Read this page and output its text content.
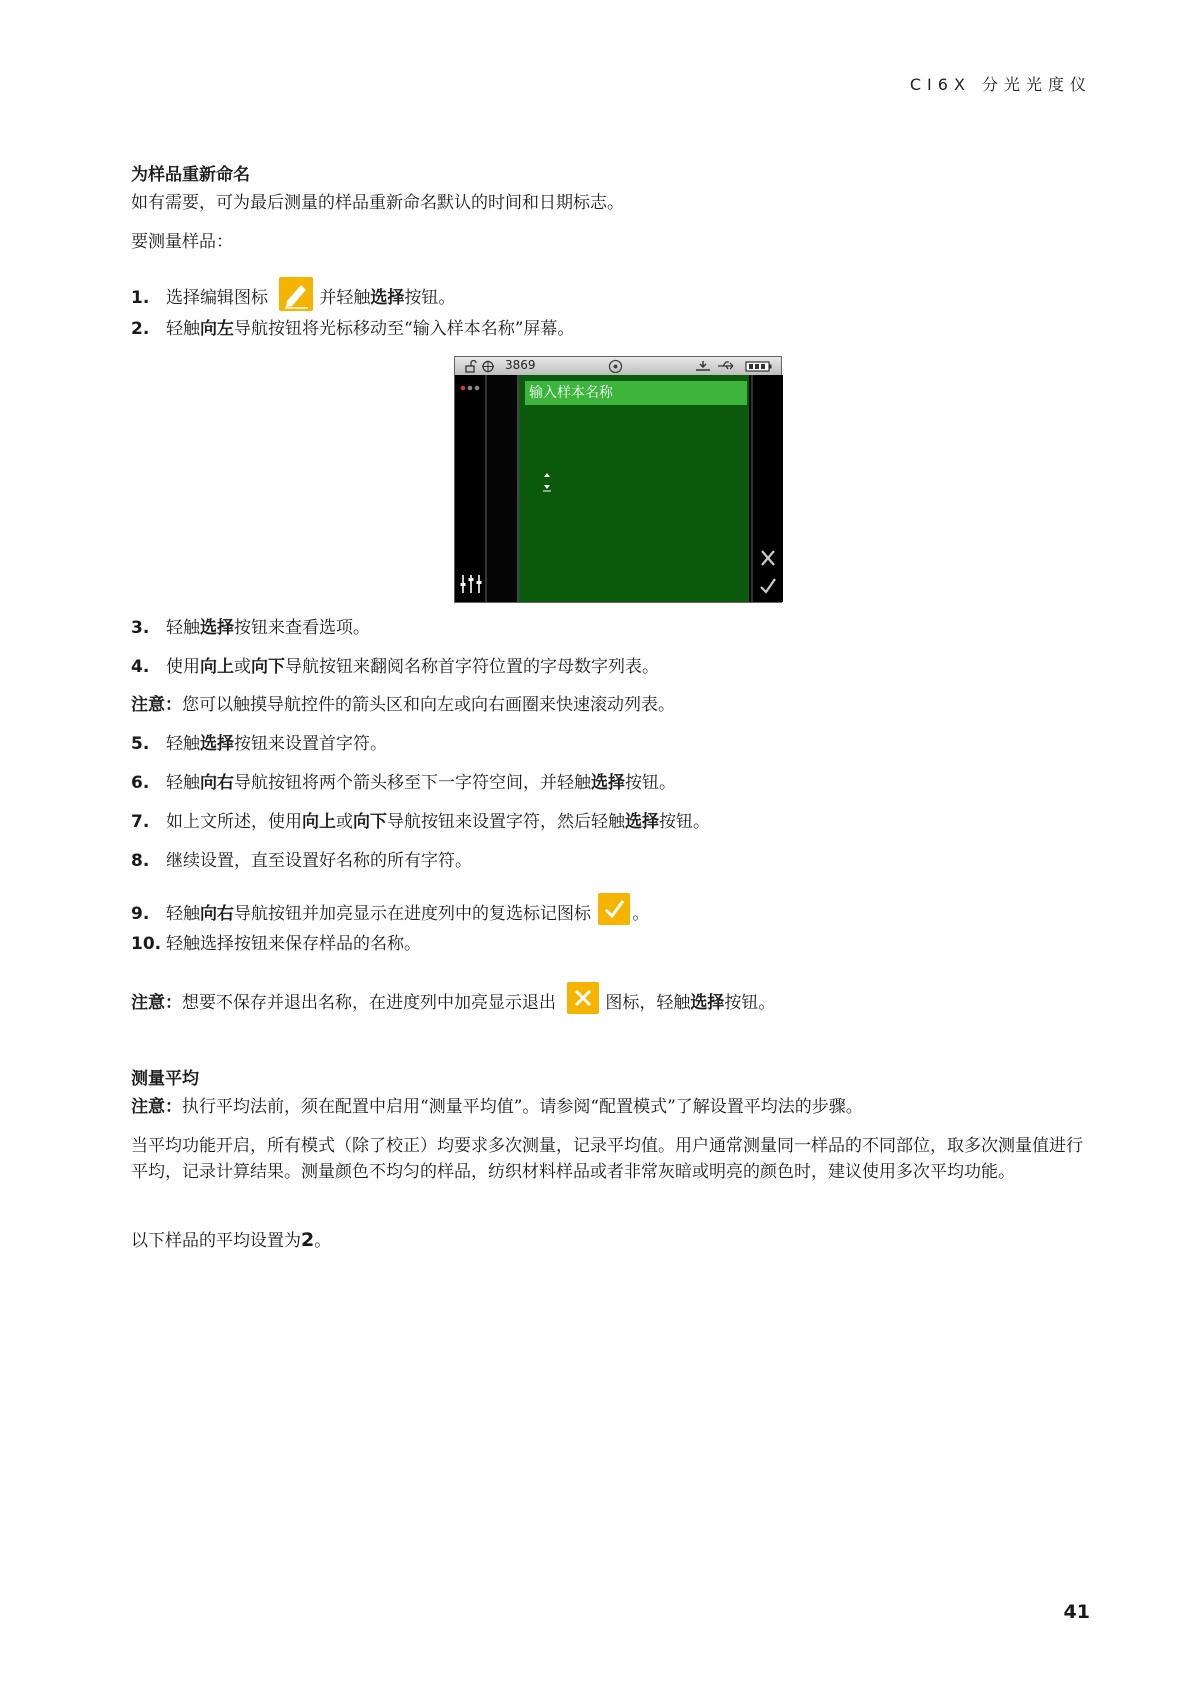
CI6X 分光光度仪
为样品重新命名
如有需要，可为最后测量的样品重新命名默认的时间和日期标志。
要测量样品：
1. 选择编辑图标	并轻触选择按钮。
2. 轻触向左导航按钮将光标移动至“输入样本名称”屏幕。
3869
输入样本名称
3. 轻触选择按钮来查看选项。
4. 使用向上或向下导航按钮来翻阅名称首字符位置的字母数字列表。
注意：您可以触摸导航控件的箭头区和向左或向右画圈来快速滚动列表。
5. 轻触选择按钮来设置首字符。
6. 轻触向右导航按钮将两个箭头移至下一字符空间，并轻触选择按钮。
7. 如上文所述，使用向上或向下导航按钮来设置字符，然后轻触选择按钮。
8. 继续设置，直至设置好名称的所有字符。
9. 轻触向右导航按钮并加亮显示在进度列中的复选标记图标 。
10. 轻触选择按钮来保存样品的名称。
注意：想要不保存并退出名称，在进度列中加亮显示退出	图标，轻触选择按钮。
测量平均
注意：执行平均法前，须在配置中启用“测量平均值”。请参阅“配置模式”了解设置平均法的步骤。
当平均功能开启，所有模式（除了校正）均要求多次测量，记录平均值。用户通常测量同一样品的不同部位，取多次测量值进行平均，记录计算结果。测量颜色不均匀的样品，纺织材料样品或者非常灰暗或明亮的颜色时，建议使用多次平均功能。
以下样品的平均设置为2。
41
